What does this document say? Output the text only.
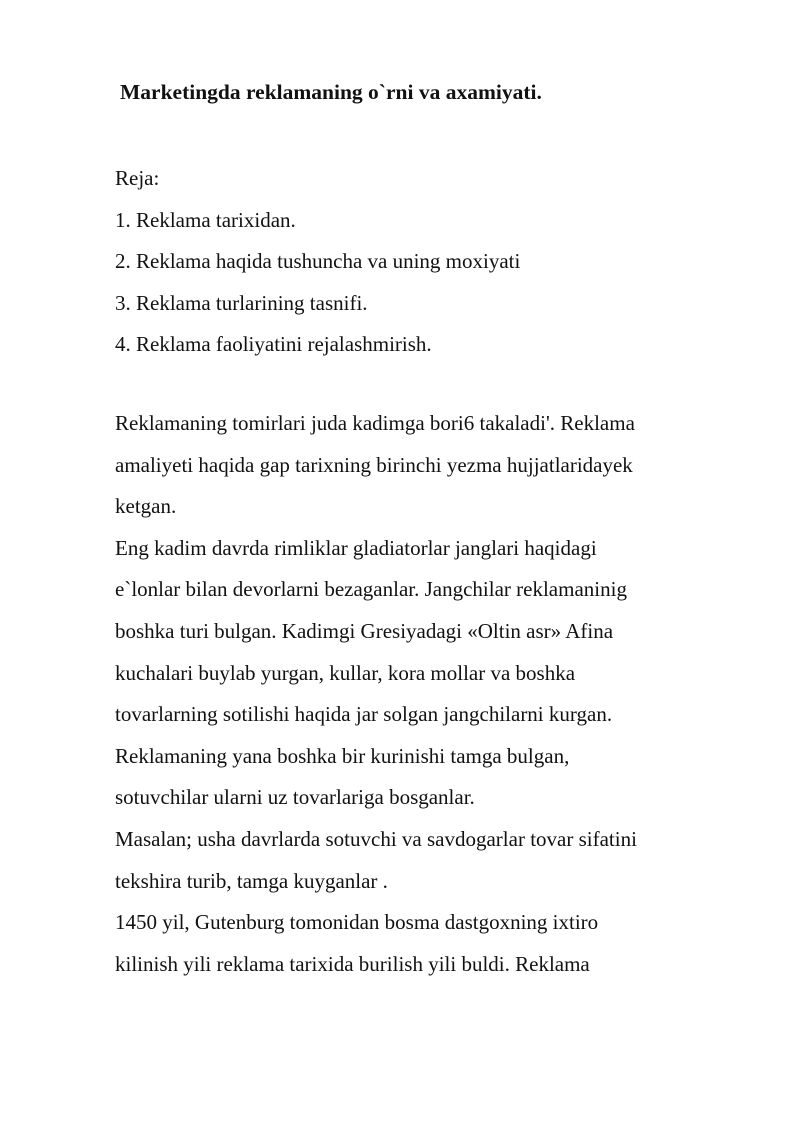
Marketingda reklamaning o`rni va axamiyati.
Reja:
1. Reklama tarixidan.
2. Reklama haqida tushuncha va uning moxiyati
3. Reklama turlarining tasnifi.
4. Reklama faoliyatini rejalashmirish.
Reklamaning tomirlari juda kadimga bori6 takaladi'. Reklama
amaliyeti haqida gap tarixning birinchi yezma hujjatlaridayek
ketgan.
Eng kadim davrda rimliklar gladiatorlar janglari haqidagi
e`lonlar bilan devorlarni bezaganlar. Jangchilar reklamaninig
boshka turi bulgan. Kadimgi Gresiyadagi «Oltin asr» Afina
kuchalari buylab yurgan, kullar, kora mollar va boshka
tovarlarning sotilishi haqida jar solgan jangchilarni kurgan.
Reklamaning yana boshka bir kurinishi tamga bulgan,
sotuvchilar ularni uz tovarlariga bosganlar.
Masalan; usha davrlarda sotuvchi va savdogarlar tovar sifatini
tekshira turib, tamga kuyganlar .
1450 yil, Gutenburg tomonidan bosma dastgoxning ixtiro
kilinish yili reklama tarixida burilish yili buldi. Reklama
